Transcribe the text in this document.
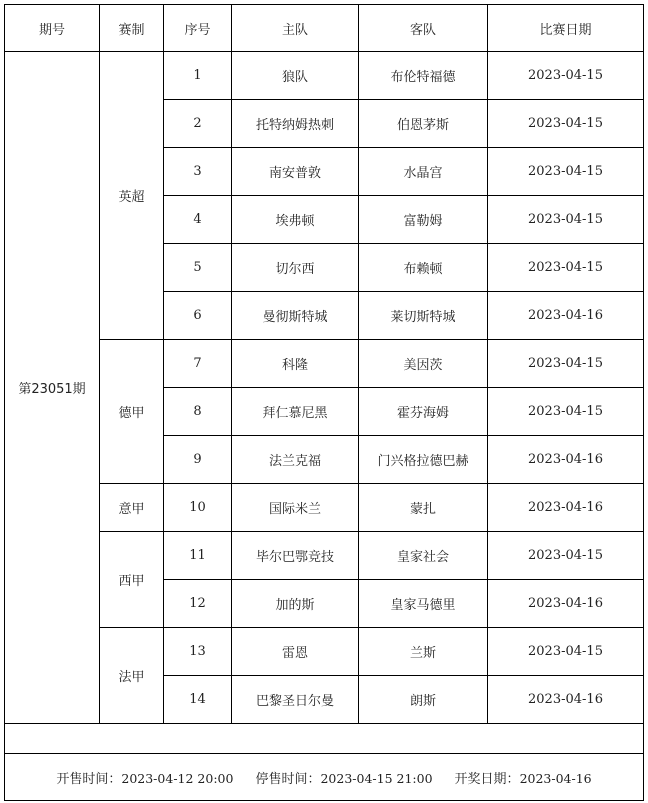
期号	赛制	序号	主队	客队	比赛日期
第23051期	英超	1	狼队	布伦特福德	2023-04-15
		2	托特纳姆热刺	伯恩茅斯	2023-04-15
		3	南安普敦	水晶宫	2023-04-15
		4	埃弗顿	富勒姆	2023-04-15
		5	切尔西	布赖顿	2023-04-15
		6	曼彻斯特城	莱切斯特城	2023-04-16
	德甲	7	科隆	美因茨	2023-04-15
		8	拜仁慕尼黑	霍芬海姆	2023-04-15
		9	法兰克福	门兴格拉德巴赫	2023-04-16
	意甲	10	国际米兰	蒙扎	2023-04-16
	西甲	11	毕尔巴鄂竞技	皇家社会	2023-04-15
		12	加的斯	皇家马德里	2023-04-16
	法甲	13	雷恩	兰斯	2023-04-15
		14	巴黎圣日尔曼	朗斯	2023-04-16

开售时间：2023-04-12 20:00 停售时间：2023-04-15 21:00 开奖日期：2023-04-16					
